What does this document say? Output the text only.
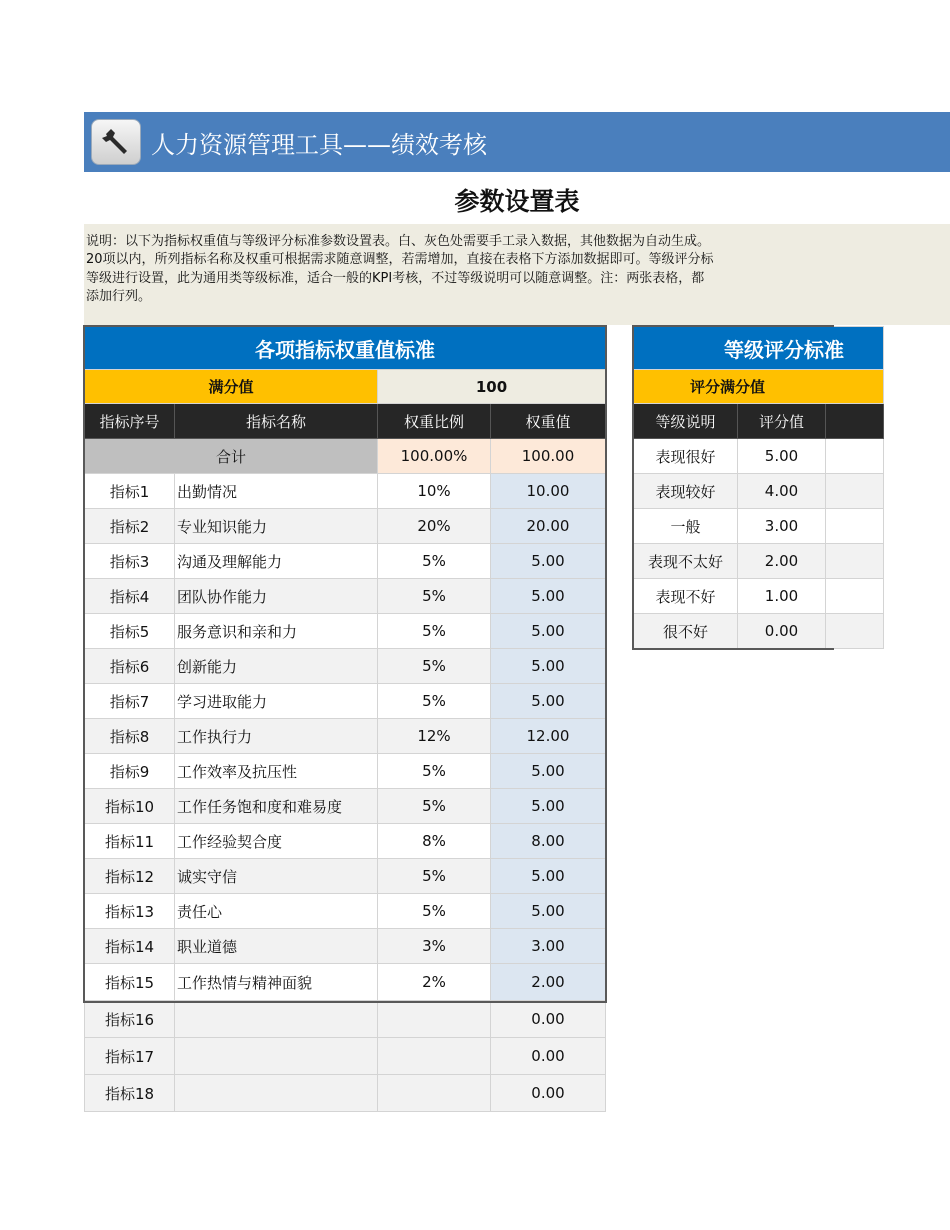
人力资源管理工具——绩效考核
参数设置表
说明：以下为指标权重值与等级评分标准参数设置表。白、灰色处需要手工录入数据，其他数据为自动生成。
20项以内，所列指标名称及权重可根据需求随意调整，若需增加，直接在表格下方添加数据即可。等级评分标
等级进行设置，此为通用类等级标准，适合一般的KPI考核，不过等级说明可以随意调整。注：两张表格，都
添加行列。
各项指标权重值标准			
满分值		100	
指标序号	指标名称	权重比例	权重值
合计		100.00%	100.00
指标1	出勤情况	10%	10.00
指标2	专业知识能力	20%	20.00
指标3	沟通及理解能力	5%	5.00
指标4	团队协作能力	5%	5.00
指标5	服务意识和亲和力	5%	5.00
指标6	创新能力	5%	5.00
指标7	学习进取能力	5%	5.00
指标8	工作执行力	12%	12.00
指标9	工作效率及抗压性	5%	5.00
指标10	工作任务饱和度和难易度	5%	5.00
指标11	工作经验契合度	8%	8.00
指标12	诚实守信	5%	5.00
指标13	责任心	5%	5.00
指标14	职业道德	3%	3.00
指标15	工作热情与精神面貌	2%	2.00
指标16			0.00
指标17			0.00
指标18			0.00
等级评分标准		
评分满分值		
等级说明	评分值	
表现很好	5.00	
表现较好	4.00	
一般	3.00	
表现不太好	2.00	
表现不好	1.00	
很不好	0.00	
